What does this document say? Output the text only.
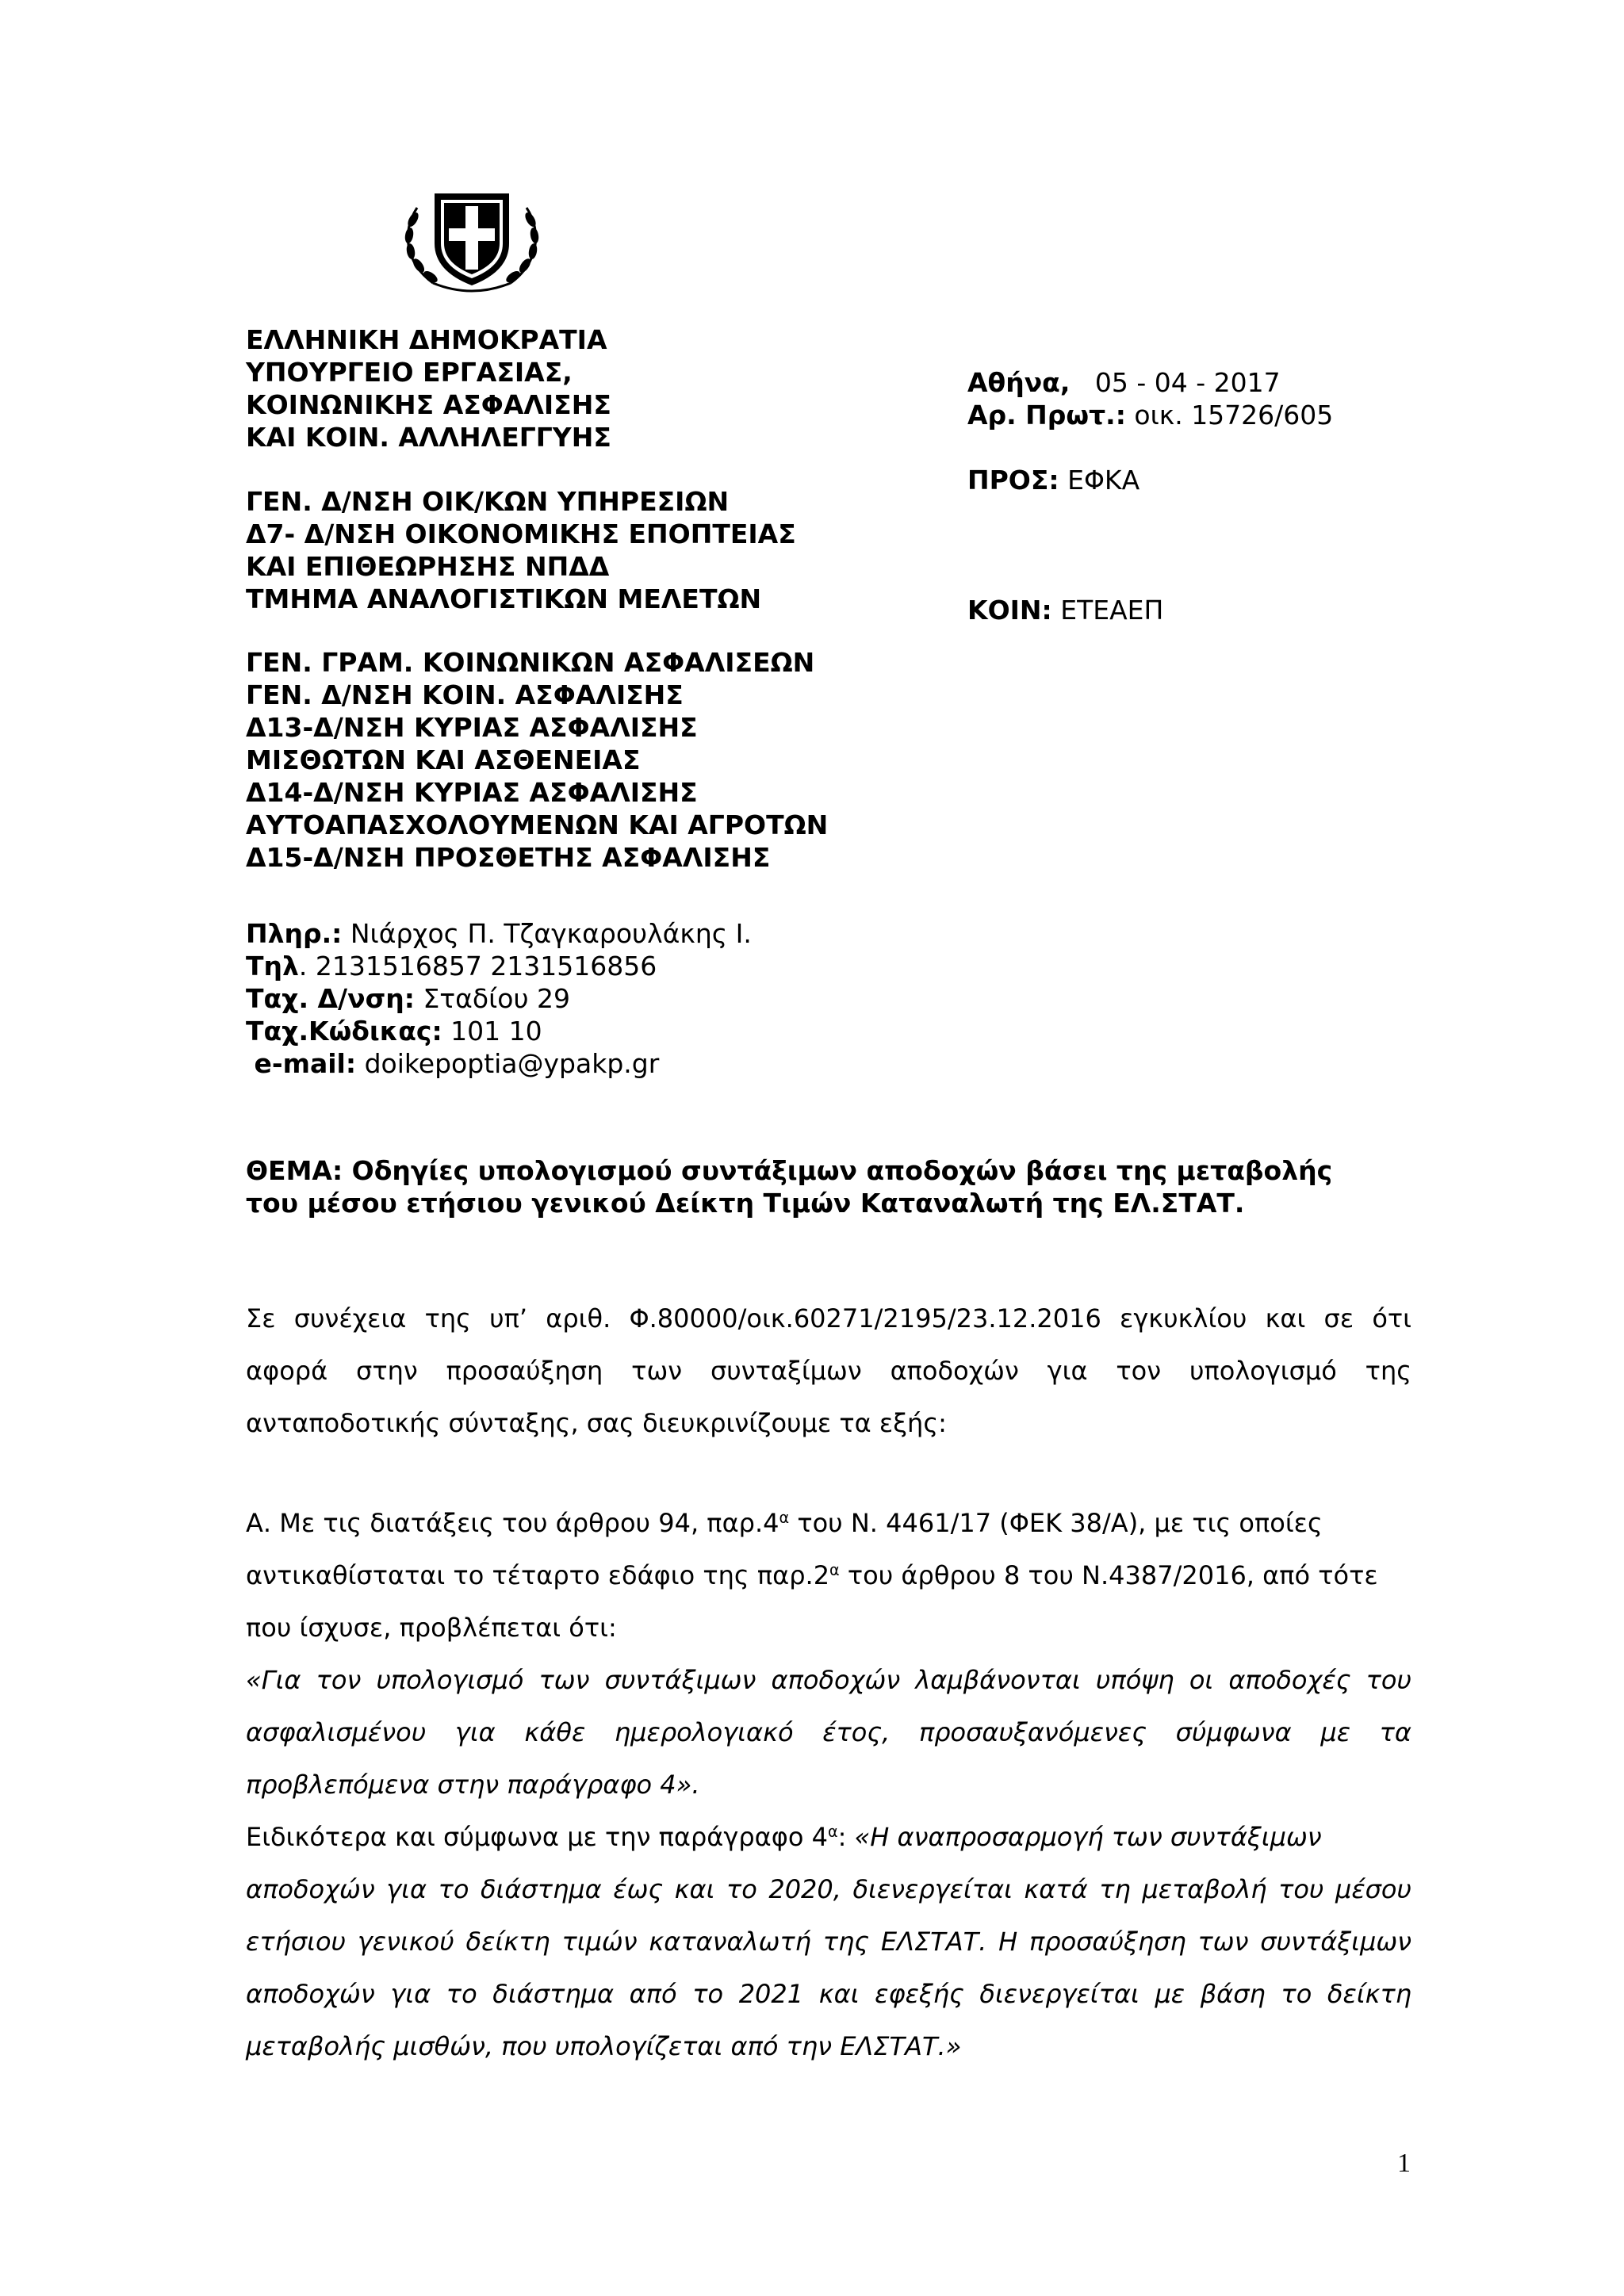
ΕΛΛΗΝΙΚΗ ΔΗΜΟΚΡΑΤΙΑ
ΥΠΟΥΡΓΕΙΟ ΕΡΓΑΣΙΑΣ,
ΚΟΙΝΩΝΙΚΗΣ ΑΣΦΑΛΙΣΗΣ
ΚΑΙ ΚΟΙΝ. ΑΛΛΗΛΕΓΓΥΗΣ
ΓΕΝ. Δ/ΝΣΗ ΟΙΚ/ΚΩΝ ΥΠΗΡΕΣΙΩΝ
Δ7- Δ/ΝΣΗ ΟΙΚΟΝΟΜΙΚΗΣ ΕΠΟΠΤΕΙΑΣ
ΚΑΙ ΕΠΙΘΕΩΡΗΣΗΣ ΝΠΔΔ
ΤΜΗΜΑ ΑΝΑΛΟΓΙΣΤΙΚΩΝ ΜΕΛΕΤΩΝ
ΓΕΝ. ΓΡΑΜ. ΚΟΙΝΩΝΙΚΩΝ ΑΣΦΑΛΙΣΕΩΝ
ΓΕΝ. Δ/ΝΣΗ ΚΟΙΝ. ΑΣΦΑΛΙΣΗΣ
Δ13-Δ/ΝΣΗ ΚΥΡΙΑΣ ΑΣΦΑΛΙΣΗΣ
ΜΙΣΘΩΤΩΝ ΚΑΙ ΑΣΘΕΝΕΙΑΣ
Δ14-Δ/ΝΣΗ ΚΥΡΙΑΣ ΑΣΦΑΛΙΣΗΣ
ΑΥΤΟΑΠΑΣΧΟΛΟΥΜΕΝΩΝ ΚΑΙ ΑΓΡΟΤΩΝ
Δ15-Δ/ΝΣΗ ΠΡΟΣΘΕΤΗΣ ΑΣΦΑΛΙΣΗΣ
Πληρ.: Νιάρχος Π. Τζαγκαρουλάκης Ι.
Τηλ. 2131516857 2131516856
Ταχ. Δ/νση: Σταδίου 29
Ταχ.Κώδικας: 101 10
e-mail: doikepoptia@ypakp.gr
Αθήνα, 05 - 04 - 2017
Αρ. Πρωτ.: οικ. 15726/605
ΠΡΟΣ: ΕΦΚΑ
ΚΟΙΝ: ΕΤΕΑΕΠ
ΘΕΜΑ: Οδηγίες υπολογισμού συντάξιμων αποδοχών βάσει της μεταβολής
του μέσου ετήσιου γενικού Δείκτη Τιμών Καταναλωτή της ΕΛ.ΣΤΑΤ.
Σε συνέχεια της υπ’ αριθ. Φ.80000/οικ.60271/2195/23.12.2016 εγκυκλίου και σε ότι
αφορά στην προσαύξηση των συνταξίμων αποδοχών για τον υπολογισμό της
ανταποδοτικής σύνταξης, σας διευκρινίζουμε τα εξής:
Α. Με τις διατάξεις του άρθρου 94, $\pi\alpha\rho.4^\alpha$ του Ν. 4461/17 (ΦΕΚ 38/Α), με τις οποίες
αντικαθίσταται το τέταρτο εδάφιο της $\pi\alpha\rho.2^\alpha$ του άρθρου 8 του Ν.4387/2016, από τότε
που ίσχυσε, προβλέπεται ότι:
«Για τον υπολογισμό των συντάξιμων αποδοχών λαμβάνονται υπόψη οι αποδοχές του
ασφαλισμένου για κάθε ημερολογιακό έτος, προσαυξανόμενες σύμφωνα με τα
προβλεπόμενα στην παράγραφο 4».
Ειδικότερα και σύμφωνα με την παράγραφο $4^\alpha$: «Η αναπροσαρμογή των συντάξιμων
αποδοχών για το διάστημα έως και το 2020, διενεργείται κατά τη μεταβολή του μέσου
ετήσιου γενικού δείκτη τιμών καταναλωτή της ΕΛΣΤΑΤ. Η προσαύξηση των συντάξιμων
αποδοχών για το διάστημα από το 2021 και εφεξής διενεργείται με βάση το δείκτη
μεταβολής μισθών, που υπολογίζεται από την ΕΛΣΤΑΤ.»
1
